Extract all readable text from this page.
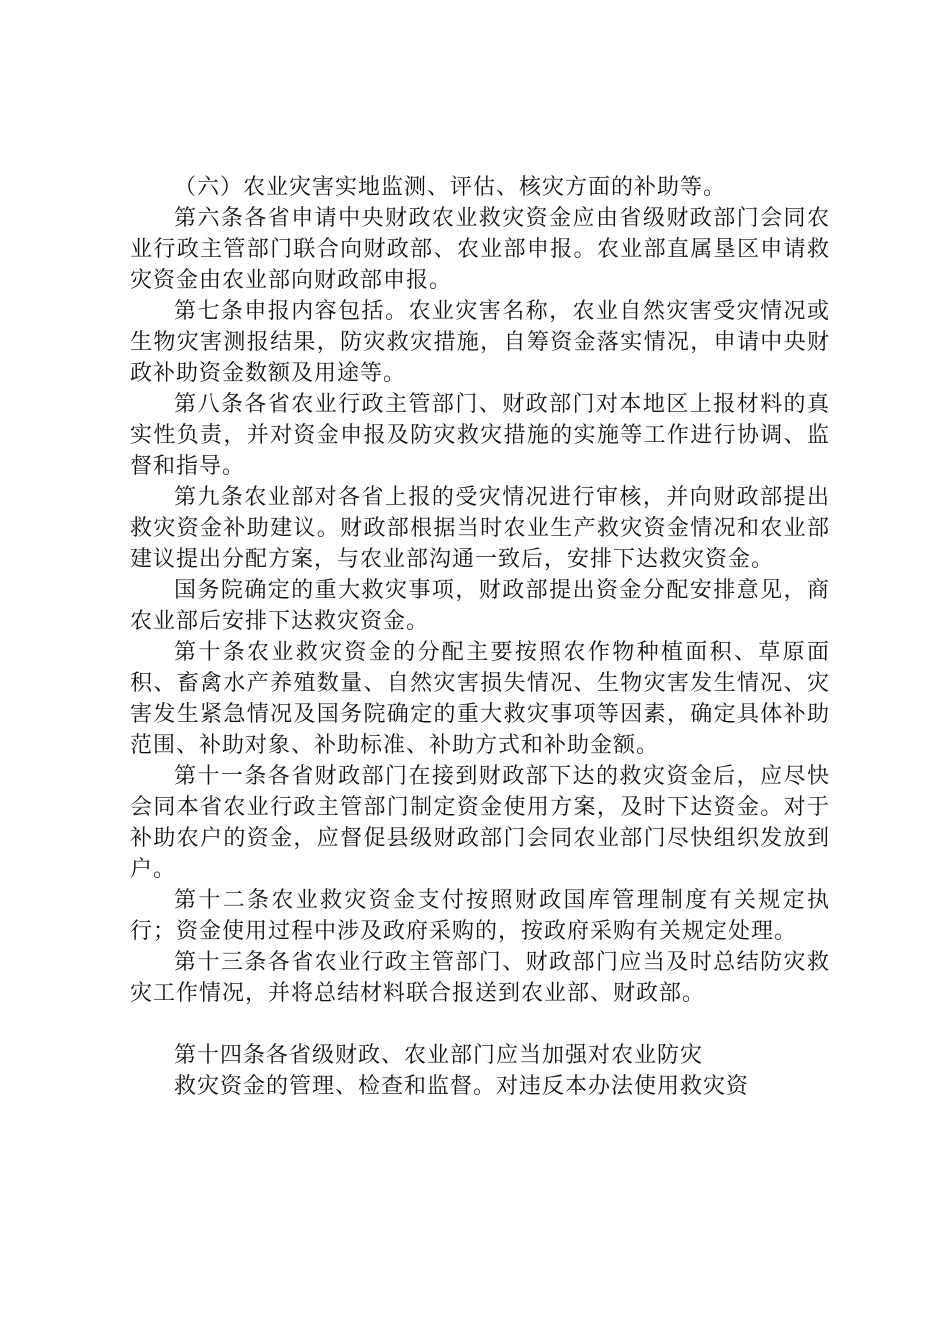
（六）农业灾害实地监测、评估、核灾方面的补助等。

第六条各省申请中央财政农业救灾资金应由省级财政部门会同农业行政主管部门联合向财政部、农业部申报。农业部直属垦区申请救灾资金由农业部向财政部申报。

第七条申报内容包括。农业灾害名称，农业自然灾害受灾情况或生物灾害测报结果，防灾救灾措施，自筹资金落实情况，申请中央财政补助资金数额及用途等。

第八条各省农业行政主管部门、财政部门对本地区上报材料的真实性负责，并对资金申报及防灾救灾措施的实施等工作进行协调、监督和指导。

第九条农业部对各省上报的受灾情况进行审核，并向财政部提出救灾资金补助建议。财政部根据当时农业生产救灾资金情况和农业部建议提出分配方案，与农业部沟通一致后，安排下达救灾资金。

国务院确定的重大救灾事项，财政部提出资金分配安排意见，商农业部后安排下达救灾资金。

第十条农业救灾资金的分配主要按照农作物种植面积、草原面积、畜禽水产养殖数量、自然灾害损失情况、生物灾害发生情况、灾害发生紧急情况及国务院确定的重大救灾事项等因素，确定具体补助范围、补助对象、补助标准、补助方式和补助金额。

第十一条各省财政部门在接到财政部下达的救灾资金后，应尽快会同本省农业行政主管部门制定资金使用方案，及时下达资金。对于补助农户的资金，应督促县级财政部门会同农业部门尽快组织发放到户。

第十二条农业救灾资金支付按照财政国库管理制度有关规定执行；资金使用过程中涉及政府采购的，按政府采购有关规定处理。

第十三条各省农业行政主管部门、财政部门应当及时总结防灾救灾工作情况，并将总结材料联合报送到农业部、财政部。

第十四条各省级财政、农业部门应当加强对农业防灾

救灾资金的管理、检查和监督。对违反本办法使用救灾资
